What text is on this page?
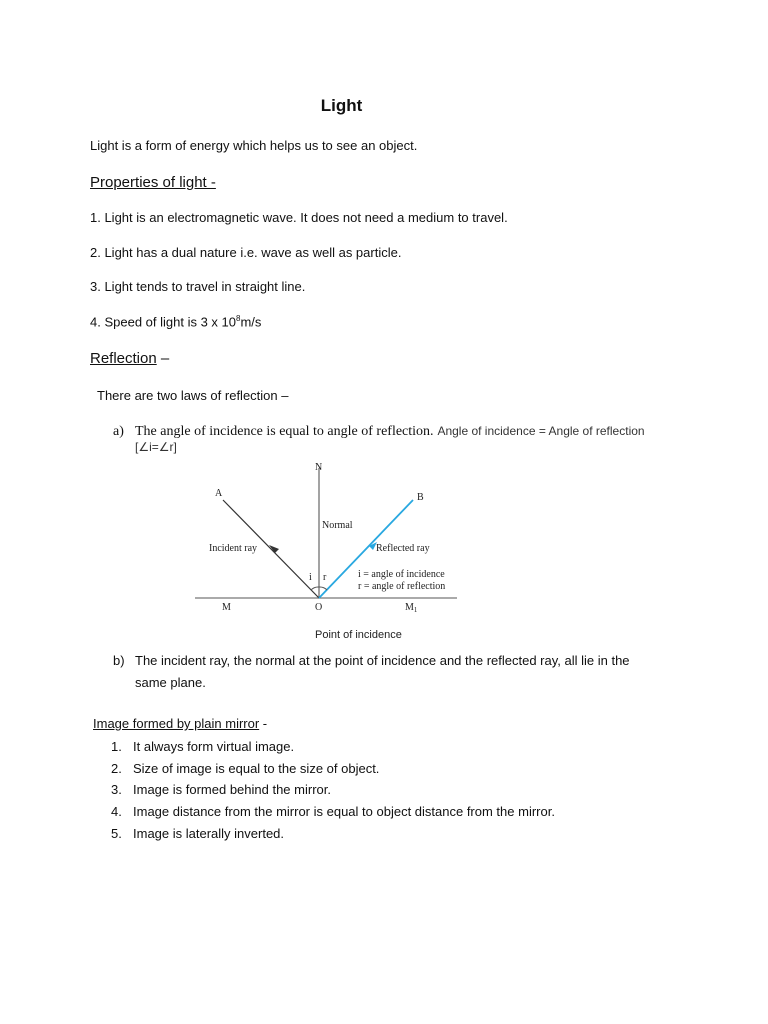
Light
Light is a form of energy which helps us to see an object.
Properties of light -
1. Light is an electromagnetic wave. It does not need a medium to travel.
2. Light has a dual nature i.e. wave as well as particle.
3. Light tends to travel in straight line.
4. Speed of light is 3 x $10^8m/s$
Reflection –
There are two laws of reflection –
a) The angle of incidence is equal to angle of reflection. Angle of incidence = Angle of reflection
[∠i=∠r]
N
A	B
Normal
Incident ray	Reflected ray
i r	i = angle of incidence
r = angle of reflection
M	O	$M_1$
Point of incidence
b) The incident ray, the normal at the point of incidence and the reflected ray, all lie in the
same plane.
Image formed by plain mirror -
1. It always form virtual image.
2. Size of image is equal to the size of object.
3. Image is formed behind the mirror.
4. Image distance from the mirror is equal to object distance from the mirror.
5. Image is laterally inverted.
